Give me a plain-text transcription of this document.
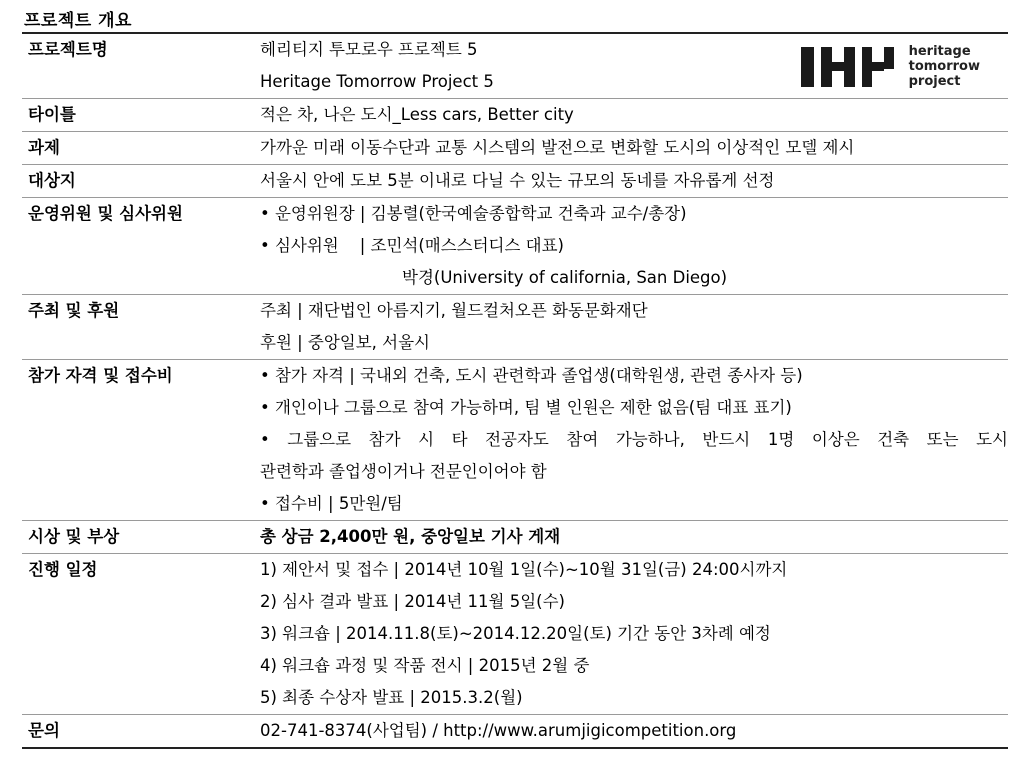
프로젝트 개요
프로젝트명	헤리티지 투모로우 프로젝트 5
Heritage Tomorrow Project 5
heritage
tomorrow
project

타이틀	적은 차, 나은 도시_Less cars, Better city

과제	가까운 미래 이동수단과 교통 시스템의 발전으로 변화할 도시의 이상적인 모델 제시

대상지	서울시 안에 도보 5분 이내로 다닐 수 있는 규모의 동네를 자유롭게 선정

운영위원 및 심사위원	• 운영위원장 | 김봉렬(한국예술종합학교 건축과 교수/총장)
• 심사위원    | 조민석(매스스터디스 대표)
박경(University of california, San Diego)

주최 및 후원	주최 | 재단법인 아름지기, 월드컬처오픈 화동문화재단
후원 | 중앙일보, 서울시

참가 자격 및 접수비	• 참가 자격 | 국내외 건축, 도시 관련학과 졸업생(대학원생, 관련 종사자 등)
• 개인이나 그룹으로 참여 가능하며, 팀 별 인원은 제한 없음(팀 대표 표기)
• 그룹으로 참가 시 타 전공자도 참여 가능하나, 반드시 1명 이상은 건축 또는 도시
관련학과 졸업생이거나 전문인이어야 함
• 접수비 | 5만원/팀

시상 및 부상	총 상금 2,400만 원, 중앙일보 기사 게재

진행 일정	1) 제안서 및 접수 | 2014년 10월 1일(수)~10월 31일(금) 24:00시까지
2) 심사 결과 발표 | 2014년 11월 5일(수)
3) 워크숍 | 2014.11.8(토)~2014.12.20일(토) 기간 동안 3차례 예정
4) 워크숍 과정 및 작품 전시 | 2015년 2월 중
5) 최종 수상자 발표 | 2015.3.2(월)

문의	02-741-8374(사업팀) / http://www.arumjigicompetition.org
